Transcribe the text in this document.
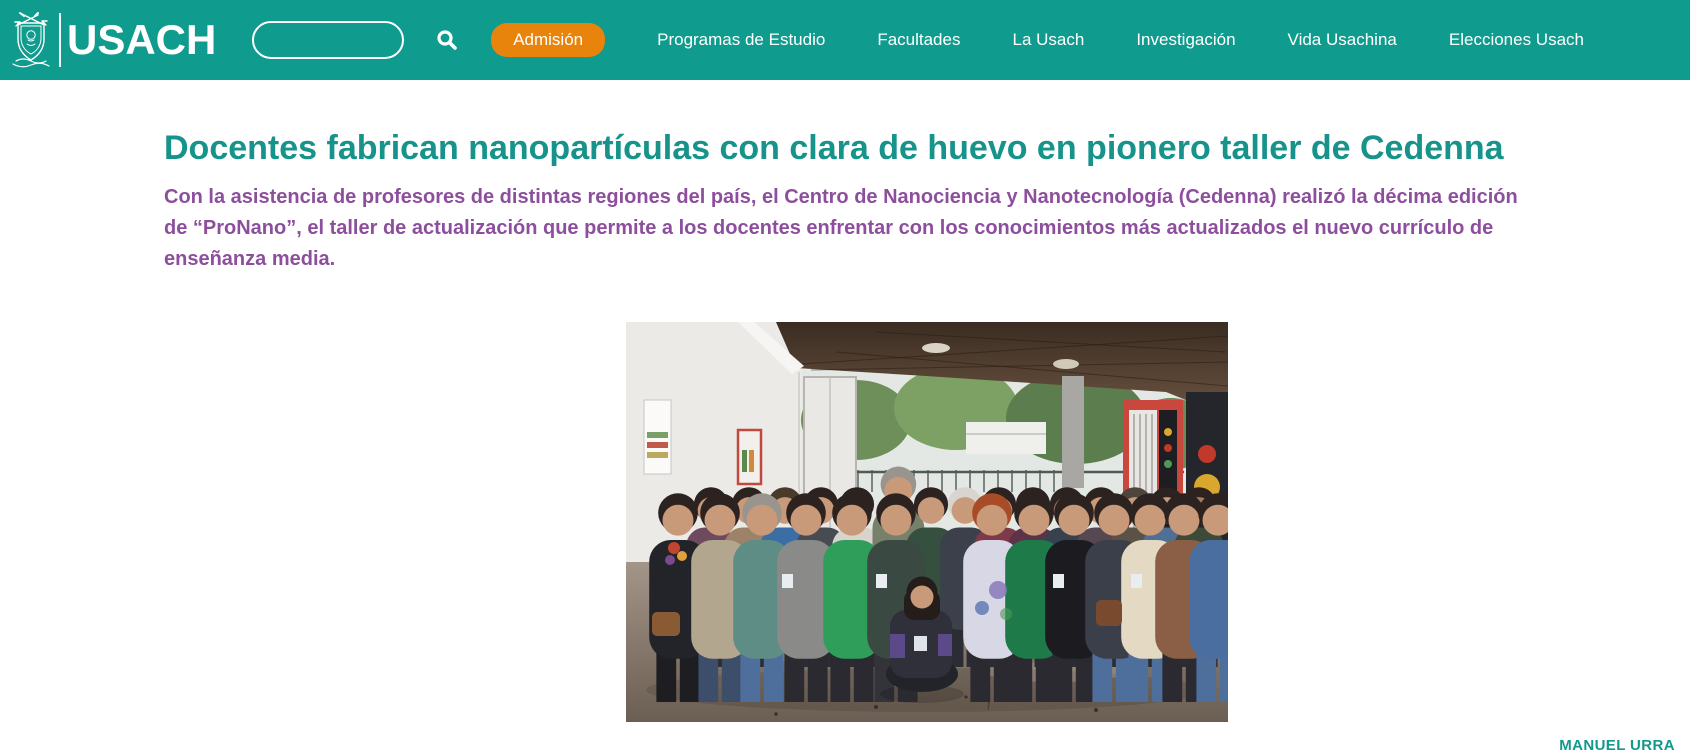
USACH	Admisión	Programas de Estudio	Facultades	La Usach	Investigación	Vida Usachina	Elecciones Usach
Docentes fabrican nanopartículas con clara de huevo en pionero taller de Cedenna

Con la asistencia de profesores de distintas regiones del país, el Centro de Nanociencia y Nanotecnología (Cedenna) realizó la décima edición de “ProNano”, el taller de actualización que permite a los docentes enfrentar con los conocimientos más actualizados el nuevo currículo de enseñanza media.

MANUEL URRA
